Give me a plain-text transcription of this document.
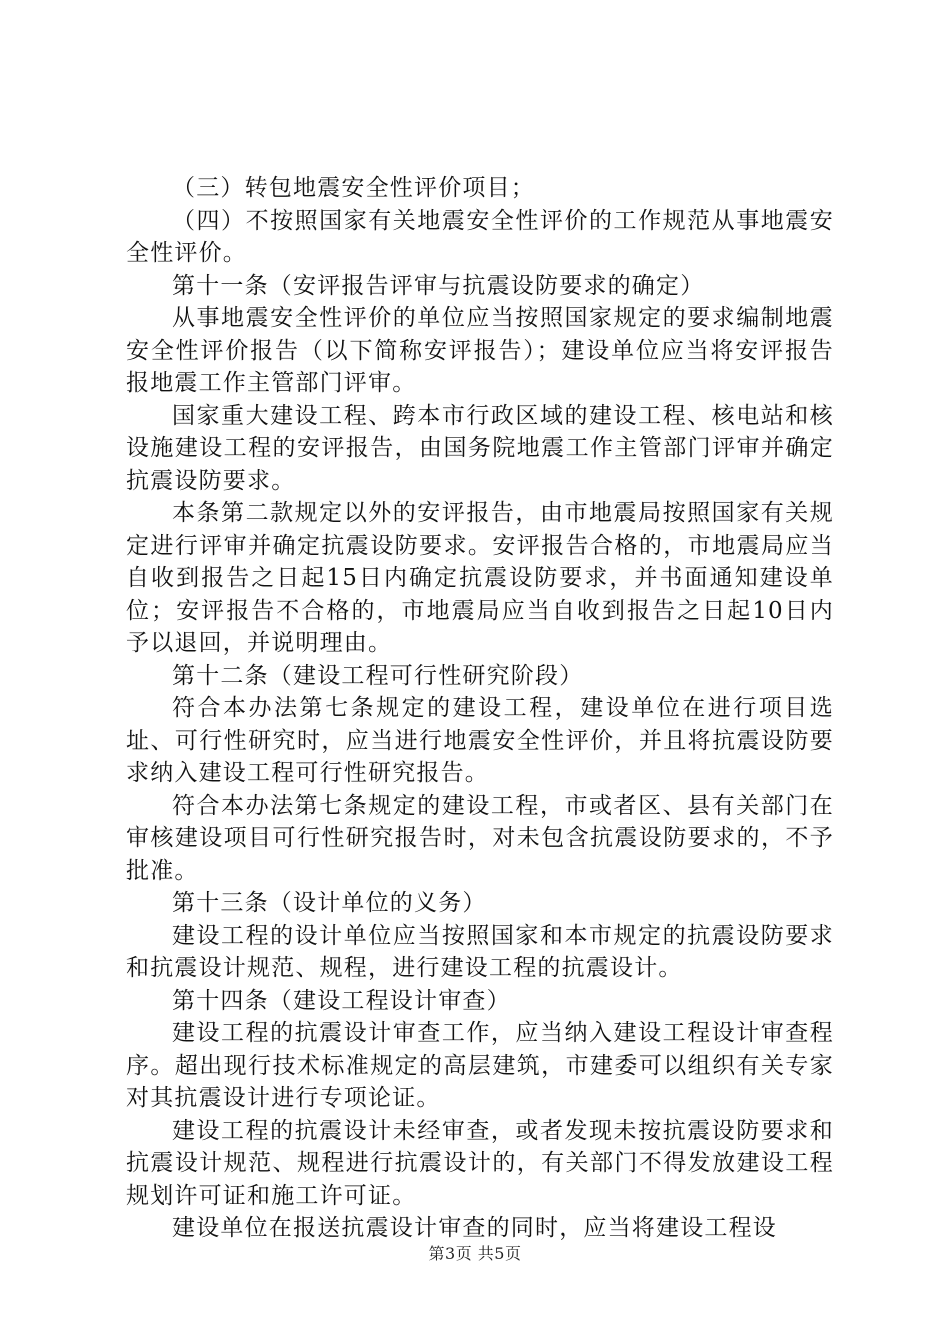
（三）转包地震安全性评价项目；

（四）不按照国家有关地震安全性评价的工作规范从事地震安全性评价。

第十一条（安评报告评审与抗震设防要求的确定）

从事地震安全性评价的单位应当按照国家规定的要求编制地震安全性评价报告（以下简称安评报告）；建设单位应当将安评报告报地震工作主管部门评审。

国家重大建设工程、跨本市行政区域的建设工程、核电站和核设施建设工程的安评报告，由国务院地震工作主管部门评审并确定抗震设防要求。

本条第二款规定以外的安评报告，由市地震局按照国家有关规定进行评审并确定抗震设防要求。安评报告合格的，市地震局应当自收到报告之日起15日内确定抗震设防要求，并书面通知建设单位；安评报告不合格的，市地震局应当自收到报告之日起10日内予以退回，并说明理由。

第十二条（建设工程可行性研究阶段）

符合本办法第七条规定的建设工程，建设单位在进行项目选址、可行性研究时，应当进行地震安全性评价，并且将抗震设防要求纳入建设工程可行性研究报告。

符合本办法第七条规定的建设工程，市或者区、县有关部门在审核建设项目可行性研究报告时，对未包含抗震设防要求的，不予批准。

第十三条（设计单位的义务）

建设工程的设计单位应当按照国家和本市规定的抗震设防要求和抗震设计规范、规程，进行建设工程的抗震设计。

第十四条（建设工程设计审查）

建设工程的抗震设计审查工作，应当纳入建设工程设计审查程序。超出现行技术标准规定的高层建筑，市建委可以组织有关专家对其抗震设计进行专项论证。

建设工程的抗震设计未经审查，或者发现未按抗震设防要求和抗震设计规范、规程进行抗震设计的，有关部门不得发放建设工程规划许可证和施工许可证。

建设单位在报送抗震设计审查的同时，应当将建设工程设

第3页 共5页
